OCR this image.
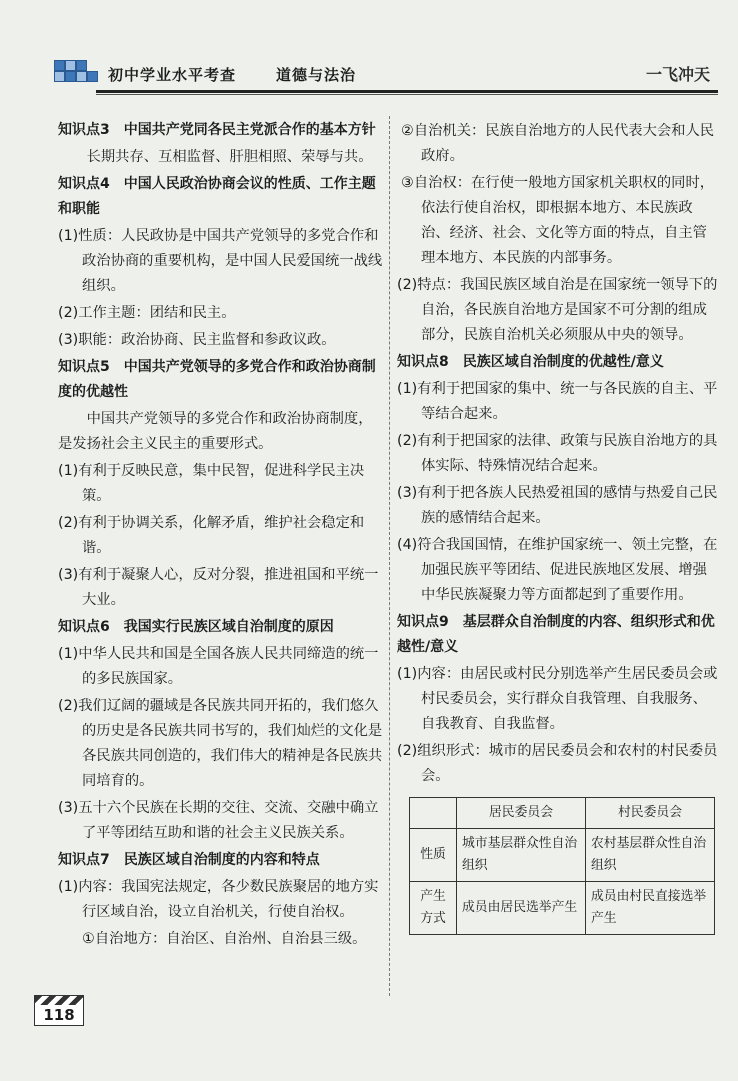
初中学业水平考查	道德与法治	一飞冲天
知识点3 中国共产党同各民主党派合作的基本方针
长期共存、互相监督、肝胆相照、荣辱与共。
知识点4 中国人民政治协商会议的性质、工作主题和职能
(1)性质：人民政协是中国共产党领导的多党合作和政治协商的重要机构，是中国人民爱国统一战线组织。
(2)工作主题：团结和民主。
(3)职能：政治协商、民主监督和参政议政。
知识点5 中国共产党领导的多党合作和政治协商制度的优越性
中国共产党领导的多党合作和政治协商制度，是发扬社会主义民主的重要形式。
(1)有利于反映民意，集中民智，促进科学民主决策。
(2)有利于协调关系，化解矛盾，维护社会稳定和谐。
(3)有利于凝聚人心，反对分裂，推进祖国和平统一大业。
知识点6 我国实行民族区域自治制度的原因
(1)中华人民共和国是全国各族人民共同缔造的统一的多民族国家。
(2)我们辽阔的疆域是各民族共同开拓的，我们悠久的历史是各民族共同书写的，我们灿烂的文化是各民族共同创造的，我们伟大的精神是各民族共同培育的。
(3)五十六个民族在长期的交往、交流、交融中确立了平等团结互助和谐的社会主义民族关系。
知识点7 民族区域自治制度的内容和特点
(1)内容：我国宪法规定，各少数民族聚居的地方实行区域自治，设立自治机关，行使自治权。
①自治地方：自治区、自治州、自治县三级。
②自治机关：民族自治地方的人民代表大会和人民政府。
③自治权：在行使一般地方国家机关职权的同时，依法行使自治权，即根据本地方、本民族政治、经济、社会、文化等方面的特点，自主管理本地方、本民族的内部事务。
(2)特点：我国民族区域自治是在国家统一领导下的自治，各民族自治地方是国家不可分割的组成部分，民族自治机关必须服从中央的领导。
知识点8 民族区域自治制度的优越性/意义
(1)有利于把国家的集中、统一与各民族的自主、平等结合起来。
(2)有利于把国家的法律、政策与民族自治地方的具体实际、特殊情况结合起来。
(3)有利于把各族人民热爱祖国的感情与热爱自己民族的感情结合起来。
(4)符合我国国情，在维护国家统一、领土完整，在加强民族平等团结、促进民族地区发展、增强中华民族凝聚力等方面都起到了重要作用。
知识点9 基层群众自治制度的内容、组织形式和优越性/意义
(1)内容：由居民或村民分别选举产生居民委员会或村民委员会，实行群众自我管理、自我服务、自我教育、自我监督。
(2)组织形式：城市的居民委员会和农村的村民委员会。
	居民委员会	村民委员会
性质	城市基层群众性自治组织	农村基层群众性自治组织
产生方式	成员由居民选举产生	成员由村民直接选举产生
118
